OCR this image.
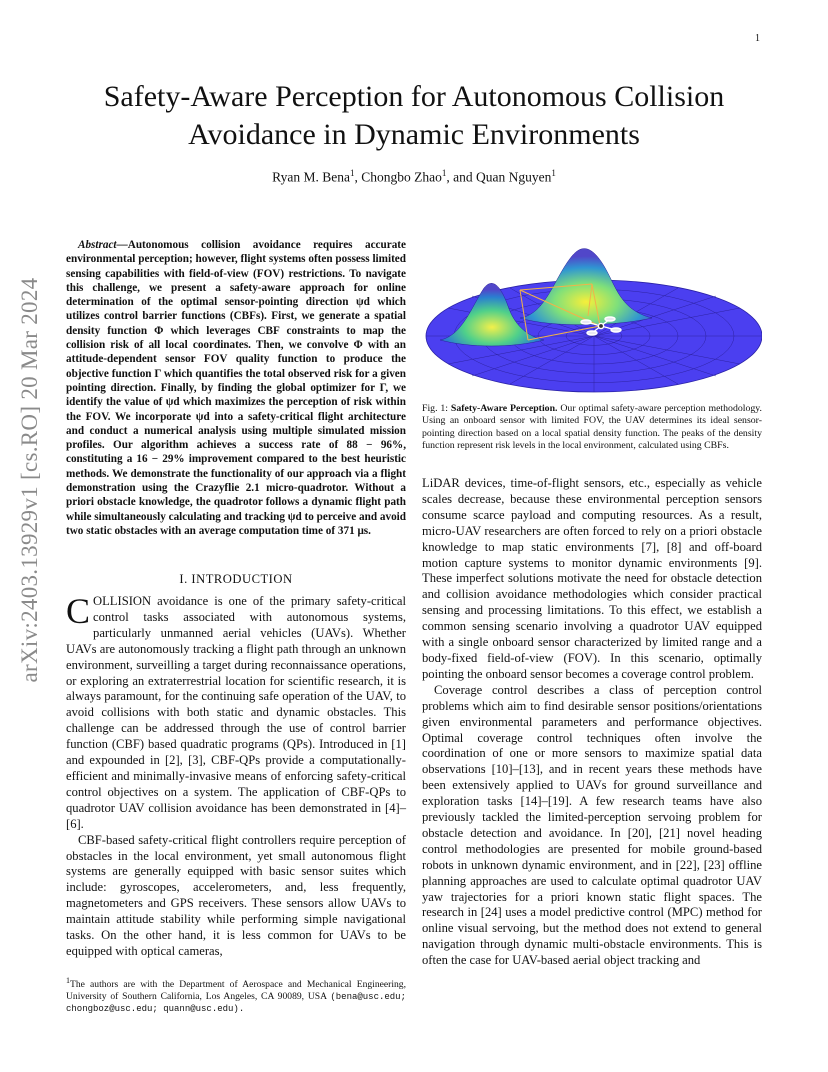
1
arXiv:2403.13929v1 [cs.RO] 20 Mar 2024
Safety-Aware Perception for Autonomous Collision Avoidance in Dynamic Environments
Ryan M. Bena$^1$, Chongbo Zhao$^1$, and Quan Nguyen$^1$
Abstract—Autonomous collision avoidance requires accurate environmental perception; however, flight systems often possess limited sensing capabilities with field-of-view (FOV) restrictions. To navigate this challenge, we present a safety-aware approach for online determination of the optimal sensor-pointing direction ψd which utilizes control barrier functions (CBFs). First, we generate a spatial density function Φ which leverages CBF constraints to map the collision risk of all local coordinates. Then, we convolve Φ with an attitude-dependent sensor FOV quality function to produce the objective function Γ which quantifies the total observed risk for a given pointing direction. Finally, by finding the global optimizer for Γ, we identify the value of ψd which maximizes the perception of risk within the FOV. We incorporate ψd into a safety-critical flight architecture and conduct a numerical analysis using multiple simulated mission profiles. Our algorithm achieves a success rate of 88 − 96%, constituting a 16 − 29% improvement compared to the best heuristic methods. We demonstrate the functionality of our approach via a flight demonstration using the Crazyflie 2.1 micro-quadrotor. Without a priori obstacle knowledge, the quadrotor follows a dynamic flight path while simultaneously calculating and tracking ψd to perceive and avoid two static obstacles with an average computation time of 371 μs.
I. INTRODUCTION

COLLISION avoidance is one of the primary safety-critical control tasks associated with autonomous systems, particularly unmanned aerial vehicles (UAVs). Whether UAVs are autonomously tracking a flight path through an unknown environment, surveilling a target during reconnaissance operations, or exploring an extraterrestrial location for scientific research, it is always paramount, for the continuing safe operation of the UAV, to avoid collisions with both static and dynamic obstacles. This challenge can be addressed through the use of control barrier function (CBF) based quadratic programs (QPs). Introduced in [1] and expounded in [2], [3], CBF-QPs provide a computationally-efficient and minimally-invasive means of enforcing safety-critical control objectives on a system. The application of CBF-QPs to quadrotor UAV collision avoidance has been demonstrated in [4]–[6].

CBF-based safety-critical flight controllers require perception of obstacles in the local environment, yet small autonomous flight systems are generally equipped with basic sensor suites which include: gyroscopes, accelerometers, and, less frequently, magnetometers and GPS receivers. These sensors allow UAVs to maintain attitude stability while performing simple navigational tasks. On the other hand, it is less common for UAVs to be equipped with optical cameras,

$^1$The authors are with the Department of Aerospace and Mechanical Engineering, University of Southern California, Los Angeles, CA 90089, USA (bena@usc.edu; chongboz@usc.edu; quann@usc.edu).
Fig. 1: Safety-Aware Perception. Our optimal safety-aware perception methodology. Using an onboard sensor with limited FOV, the UAV determines its ideal sensor-pointing direction based on a local spatial density function. The peaks of the density function represent risk levels in the local environment, calculated using CBFs.

LiDAR devices, time-of-flight sensors, etc., especially as vehicle scales decrease, because these environmental perception sensors consume scarce payload and computing resources. As a result, micro-UAV researchers are often forced to rely on a priori obstacle knowledge to map static environments [7], [8] and off-board motion capture systems to monitor dynamic environments [9]. These imperfect solutions motivate the need for obstacle detection and collision avoidance methodologies which consider practical sensing and processing limitations. To this effect, we establish a common sensing scenario involving a quadrotor UAV equipped with a single onboard sensor characterized by limited range and a body-fixed field-of-view (FOV). In this scenario, optimally pointing the onboard sensor becomes a coverage control problem.

Coverage control describes a class of perception control problems which aim to find desirable sensor positions/orientations given environmental parameters and performance objectives. Optimal coverage control techniques often involve the coordination of one or more sensors to maximize spatial data observations [10]–[13], and in recent years these methods have been extensively applied to UAVs for ground surveillance and exploration tasks [14]–[19]. A few research teams have also previously tackled the limited-perception servoing problem for obstacle detection and avoidance. In [20], [21] novel heading control methodologies are presented for mobile ground-based robots in unknown dynamic environment, and in [22], [23] offline planning approaches are used to calculate optimal quadrotor UAV yaw trajectories for a priori known static flight spaces. The research in [24] uses a model predictive control (MPC) method for online visual servoing, but the method does not extend to general navigation through dynamic multi-obstacle environments. This is often the case for UAV-based aerial object tracking and
